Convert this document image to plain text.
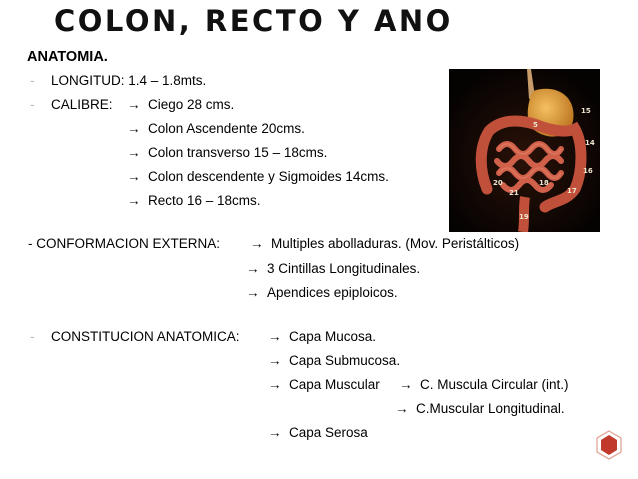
COLON, RECTO Y ANO
ANATOMIA.
- LONGITUD: 1.4 – 1.8mts.
- CALIBRE: → Ciego 28 cms.
→ Colon Ascendente 20cms.
→ Colon transverso 15 – 18cms.
→ Colon descendente y Sigmoides 14cms.
→ Recto 16 – 18cms.
- CONFORMACION EXTERNA: → Multiples abolladuras. (Mov. Peristálticos)
→ 3 Cintillas Longitudinales.
→ Apendices epiploicos.
- CONSTITUCION ANATOMICA: → Capa Mucosa.
→ Capa Submucosa.
→ Capa Muscular → C. Muscula Circular (int.)
→ C.Muscular Longitudinal.
→ Capa Serosa
5
15
14
16
17
20
21
19
18
